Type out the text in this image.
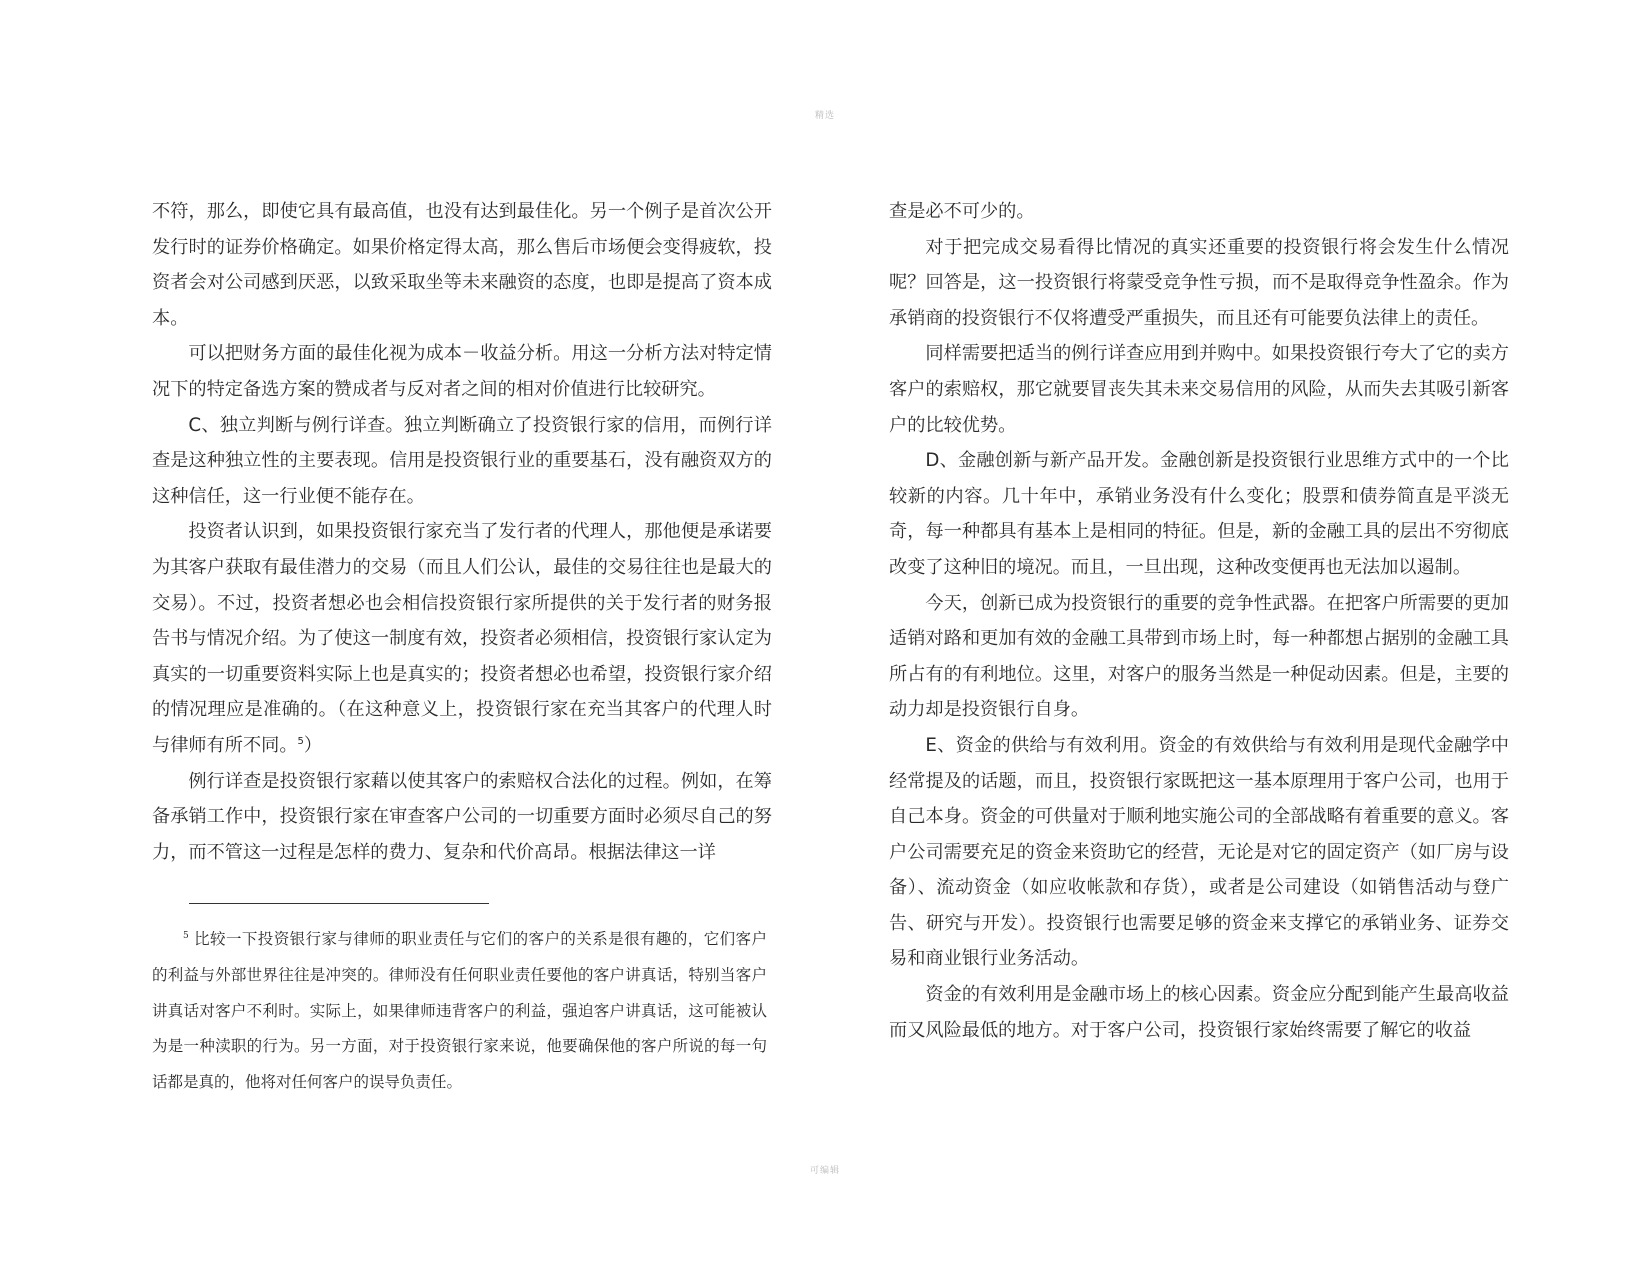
精选

不符，那么，即使它具有最高值，也没有达到最佳化。另一个例子是首次公开发行时的证券价格确定。如果价格定得太高，那么售后市场便会变得疲软，投资者会对公司感到厌恶，以致采取坐等未来融资的态度，也即是提高了资本成本。

可以把财务方面的最佳化视为成本－收益分析。用这一分析方法对特定情况下的特定备选方案的赞成者与反对者之间的相对价值进行比较研究。

C、独立判断与例行详查。独立判断确立了投资银行家的信用，而例行详查是这种独立性的主要表现。信用是投资银行业的重要基石，没有融资双方的这种信任，这一行业便不能存在。

投资者认识到，如果投资银行家充当了发行者的代理人，那他便是承诺要为其客户获取有最佳潜力的交易（而且人们公认，最佳的交易往往也是最大的交易）。不过，投资者想必也会相信投资银行家所提供的关于发行者的财务报告书与情况介绍。为了使这一制度有效，投资者必须相信，投资银行家认定为真实的一切重要资料实际上也是真实的；投资者想必也希望，投资银行家介绍的情况理应是准确的。（在这种意义上，投资银行家在充当其客户的代理人时与律师有所不同。$^5$）

例行详查是投资银行家藉以使其客户的索赔权合法化的过程。例如，在筹备承销工作中，投资银行家在审查客户公司的一切重要方面时必须尽自己的努力，而不管这一过程是怎样的费力、复杂和代价高昂。根据法律这一详

$^5$ 比较一下投资银行家与律师的职业责任与它们的客户的关系是很有趣的，它们客户的利益与外部世界往往是冲突的。律师没有任何职业责任要他的客户讲真话，特别当客户讲真话对客户不利时。实际上，如果律师违背客户的利益，强迫客户讲真话，这可能被认为是一种渎职的行为。另一方面，对于投资银行家来说，他要确保他的客户所说的每一句话都是真的，他将对任何客户的误导负责任。

查是必不可少的。

对于把完成交易看得比情况的真实还重要的投资银行将会发生什么情况呢？回答是，这一投资银行将蒙受竞争性亏损，而不是取得竞争性盈余。作为承销商的投资银行不仅将遭受严重损失，而且还有可能要负法律上的责任。

同样需要把适当的例行详查应用到并购中。如果投资银行夸大了它的卖方客户的索赔权，那它就要冒丧失其未来交易信用的风险，从而失去其吸引新客户的比较优势。

D、金融创新与新产品开发。金融创新是投资银行业思维方式中的一个比较新的内容。几十年中，承销业务没有什么变化；股票和债券简直是平淡无奇，每一种都具有基本上是相同的特征。但是，新的金融工具的层出不穷彻底改变了这种旧的境况。而且，一旦出现，这种改变便再也无法加以遏制。

今天，创新已成为投资银行的重要的竞争性武器。在把客户所需要的更加适销对路和更加有效的金融工具带到市场上时，每一种都想占据别的金融工具所占有的有利地位。这里，对客户的服务当然是一种促动因素。但是，主要的动力却是投资银行自身。

E、资金的供给与有效利用。资金的有效供给与有效利用是现代金融学中经常提及的话题，而且，投资银行家既把这一基本原理用于客户公司，也用于自己本身。资金的可供量对于顺利地实施公司的全部战略有着重要的意义。客户公司需要充足的资金来资助它的经营，无论是对它的固定资产（如厂房与设备）、流动资金（如应收帐款和存货），或者是公司建设（如销售活动与登广告、研究与开发）。投资银行也需要足够的资金来支撑它的承销业务、证券交易和商业银行业务活动。

资金的有效利用是金融市场上的核心因素。资金应分配到能产生最高收益而又风险最低的地方。对于客户公司，投资银行家始终需要了解它的收益

可编辑
